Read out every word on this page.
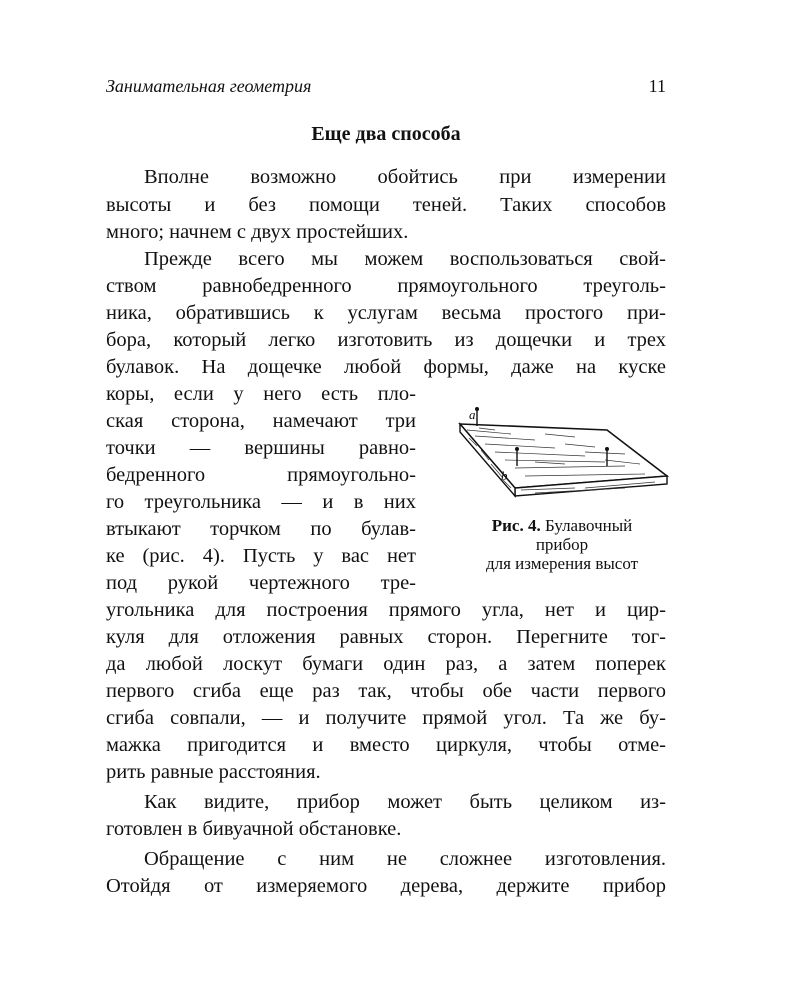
Занимательная геометрия	11
Еще два способа
Вполне возможно обойтись при измерении
высоты и без помощи теней. Таких способов
много; начнем с двух простейших.
Прежде всего мы можем воспользоваться свой-
ством равнобедренного прямоугольного треуголь-
ника, обратившись к услугам весьма простого при-
бора, который легко изготовить из дощечки и трех
булавок. На дощечке любой формы, даже на куске
коры, если у него есть пло-
ская сторона, намечают три
точки — вершины равно-
бедренного прямоугольно-
го треугольника — и в них
втыкают торчком по булав-
ке (рис. 4). Пусть у вас нет
под рукой чертежного тре-
угольника для построения прямого угла, нет и цир-
куля для отложения равных сторон. Перегните тог-
да любой лоскут бумаги один раз, а затем поперек
первого сгиба еще раз так, чтобы обе части первого
сгиба совпали, — и получите прямой угол. Та же бу-
мажка пригодится и вместо циркуля, чтобы отме-
рить равные расстояния.
Как видите, прибор может быть целиком из-
готовлен в бивуачной обстановке.
Обращение с ним не сложнее изготовления.
Отойдя от измеряемого дерева, держите прибор
a
b
Рис. 4. Булавочный
прибор
для измерения высот
